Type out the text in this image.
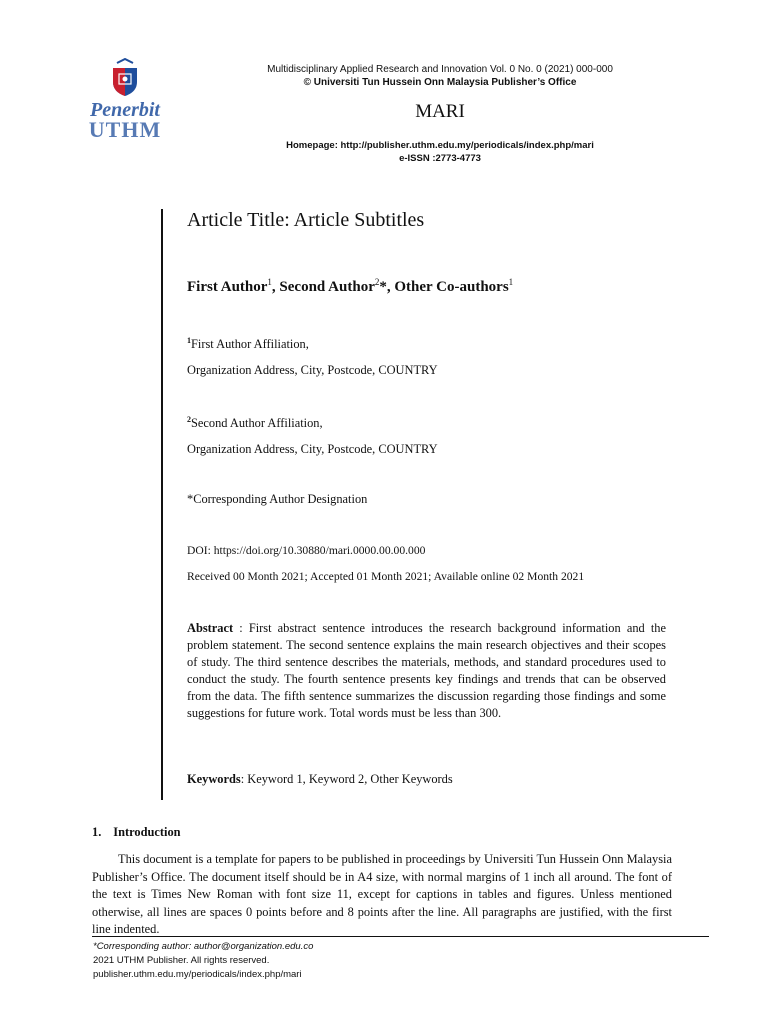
Penerbit
UTHM
Multidisciplinary Applied Research and Innovation Vol. 0 No. 0 (2021) 000-000
© Universiti Tun Hussein Onn Malaysia Publisher’s Office
MARI
Homepage: http://publisher.uthm.edu.my/periodicals/index.php/mari
e-ISSN :2773-4773
Article Title: Article Subtitles
First Author$^1$, Second Author$^2$*, Other Co-authors$^1$
$^1$First Author Affiliation,
Organization Address, City, Postcode, COUNTRY
$^2$Second Author Affiliation,
Organization Address, City, Postcode, COUNTRY
*Corresponding Author Designation
DOI: https://doi.org/10.30880/mari.0000.00.00.000
Received 00 Month 2021; Accepted 01 Month 2021; Available online 02 Month 2021
Abstract : First abstract sentence introduces the research background information and the problem statement. The second sentence explains the main research objectives and their scopes of study. The third sentence describes the materials, methods, and standard procedures used to conduct the study. The fourth sentence presents key findings and trends that can be observed from the data. The fifth sentence summarizes the discussion regarding those findings and some suggestions for future work. Total words must be less than 300.
Keywords: Keyword 1, Keyword 2, Other Keywords
1. Introduction
This document is a template for papers to be published in proceedings by Universiti Tun Hussein Onn Malaysia Publisher’s Office. The document itself should be in A4 size, with normal margins of 1 inch all around. The font of the text is Times New Roman with font size 11, except for captions in tables and figures. Unless mentioned otherwise, all lines are spaces 0 points before and 8 points after the line. All paragraphs are justified, with the first line indented.
*Corresponding author: author@organization.edu.co
2021 UTHM Publisher. All rights reserved.
publisher.uthm.edu.my/periodicals/index.php/mari
